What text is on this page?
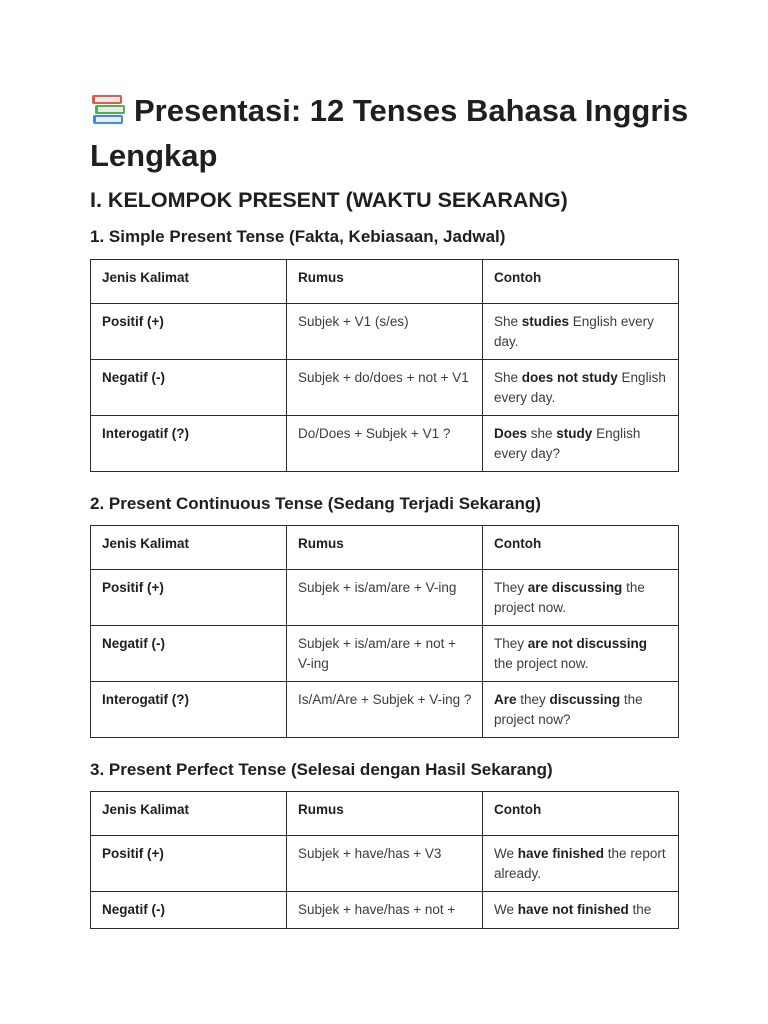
Presentasi: 12 Tenses Bahasa Inggris Lengkap
I. KELOMPOK PRESENT (WAKTU SEKARANG)
1. Simple Present Tense (Fakta, Kebiasaan, Jadwal)
Jenis Kalimat	Rumus	Contoh
Positif (+)	Subjek + V1 (s/es)	She studies English every day.
Negatif (-)	Subjek + do/does + not + V1	She does not study English every day.
Interogatif (?)	Do/Does + Subjek + V1 ?	Does she study English every day?
2. Present Continuous Tense (Sedang Terjadi Sekarang)
Jenis Kalimat	Rumus	Contoh
Positif (+)	Subjek + is/am/are + V-ing	They are discussing the project now.
Negatif (-)	Subjek + is/am/are + not + V-ing	They are not discussing the project now.
Interogatif (?)	Is/Am/Are + Subjek + V-ing ?	Are they discussing the project now?
3. Present Perfect Tense (Selesai dengan Hasil Sekarang)
Jenis Kalimat	Rumus	Contoh
Positif (+)	Subjek + have/has + V3	We have finished the report already.
Negatif (-)	Subjek + have/has + not +	We have not finished the
